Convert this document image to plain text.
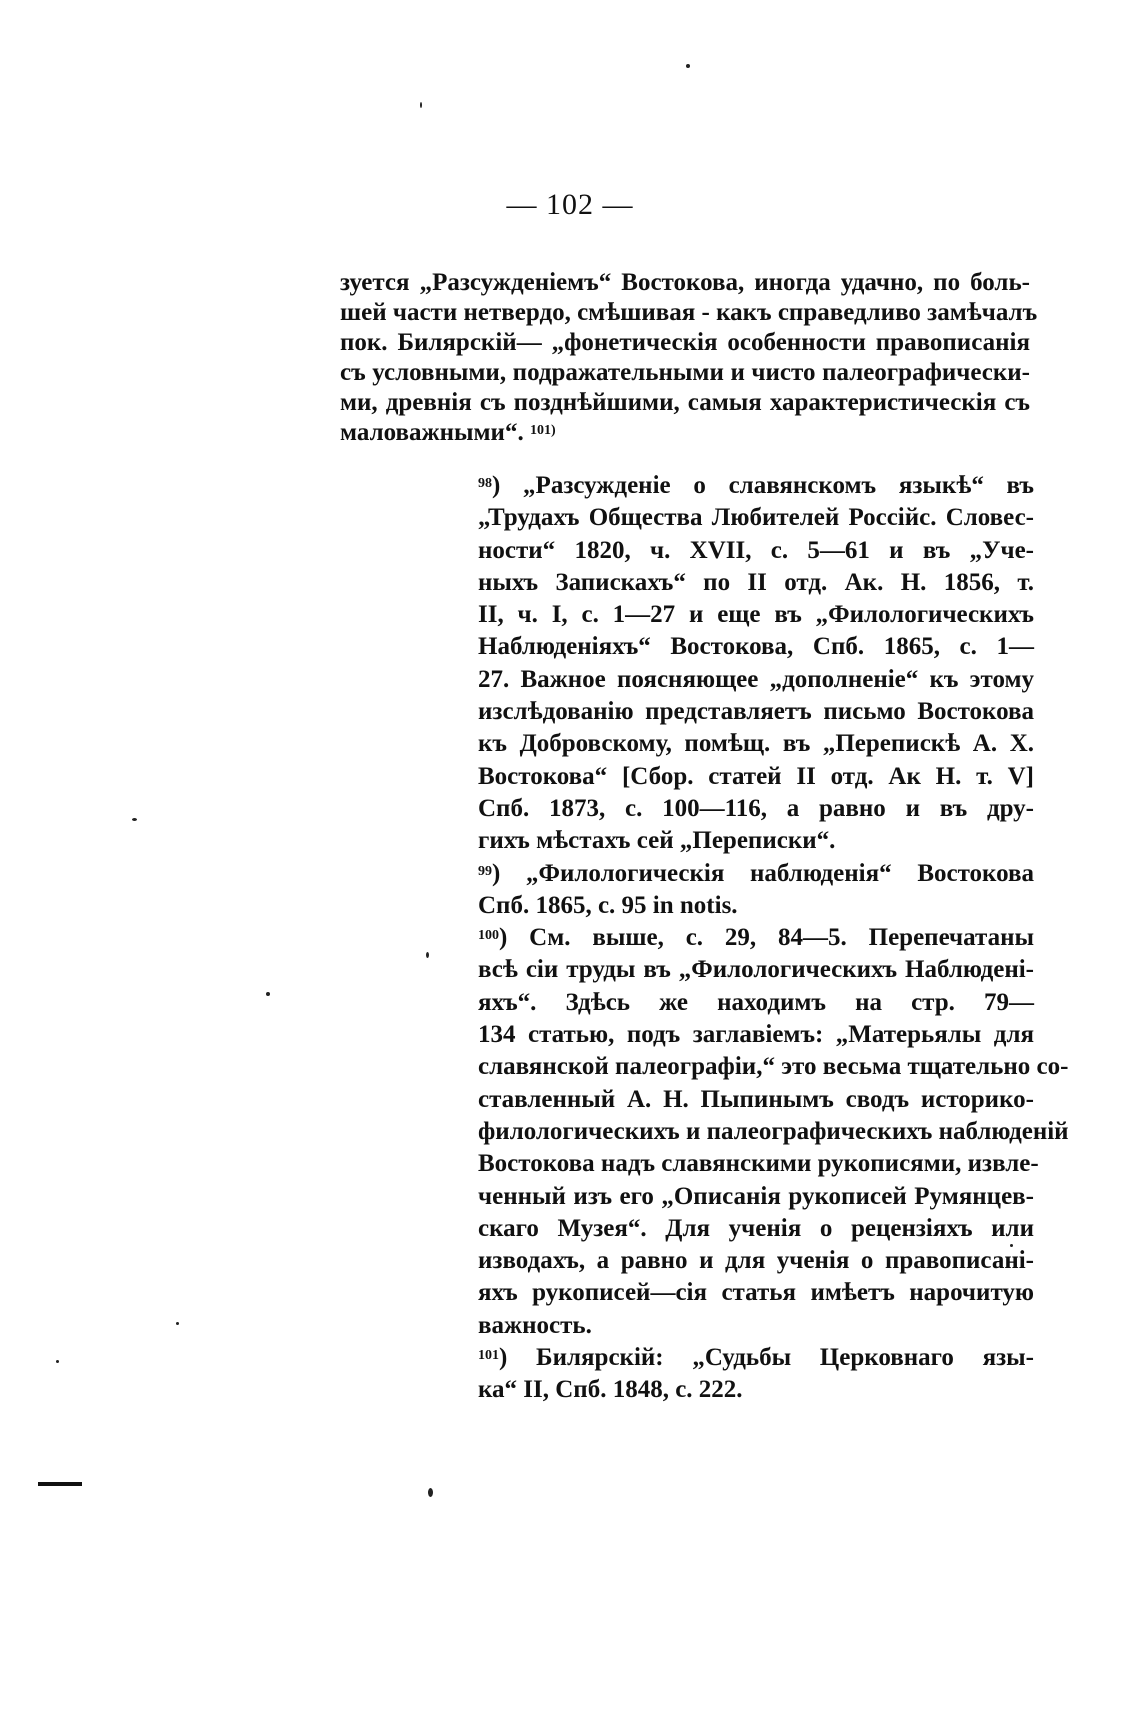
— 102 —
зуется „Разсужденіемъ“ Востокова, иногда удачно, по боль-
шей части нетвердо, смѣшивая - какъ справедливо замѣчалъ
пок. Билярскій— „фонетическія особенности правописанія
съ условными, подражательными и чисто палеографически-
ми, древнія съ позднѣйшими, самыя характеристическія съ
маловажными“. $^{101)}$
$^{98}$) „Разсужденіе о славянскомъ языкѣ“ въ
„Трудахъ Общества Любителей Россійс. Словес-
ности“ 1820, ч. XVII, с. 5—61 и въ „Уче-
ныхъ Запискахъ“ по II отд. Ак. Н. 1856, т.
II, ч. I, с. 1—27 и еще въ „Филологическихъ
Наблюденіяхъ“ Востокова, Спб. 1865, с. 1—
27. Важное поясняющее „дополненіе“ къ этому
изслѣдованію представляетъ письмо Востокова
къ Добровскому, помѣщ. въ „Перепискѣ А. Х.
Востокова“ [Сбор. статей II отд. Ак Н. т. V]
Спб. 1873, с. 100—116, а равно и въ дру-
гихъ мѣстахъ сей „Переписки“.
$^{99}$) „Филологическія наблюденія“ Востокова
Спб. 1865, с. 95 in notis.
$^{100}$) См. выше, с. 29, 84—5. Перепечатаны
всѣ сіи труды въ „Филологическихъ Наблюдені-
яхъ“. Здѣсь же находимъ на стр. 79—
134 статью, подъ заглавіемъ: „Матерьялы для
славянской палеографіи,“ это весьма тщательно со-
ставленный А. Н. Пыпинымъ сводъ историко-
филологическихъ и палеографическихъ наблюденій
Востокова надъ славянскими рукописями, извле-
ченный изъ его „Описанія рукописей Румянцев-
скаго Музея“. Для ученія о рецензіяхъ или
изводахъ, а равно и для ученія о правописані-
яхъ рукописей—сія статья имѣетъ нарочитую
важность.
$^{101}$) Билярскій: „Судьбы Церковнаго язы-
ка“ II, Спб. 1848, с. 222.
